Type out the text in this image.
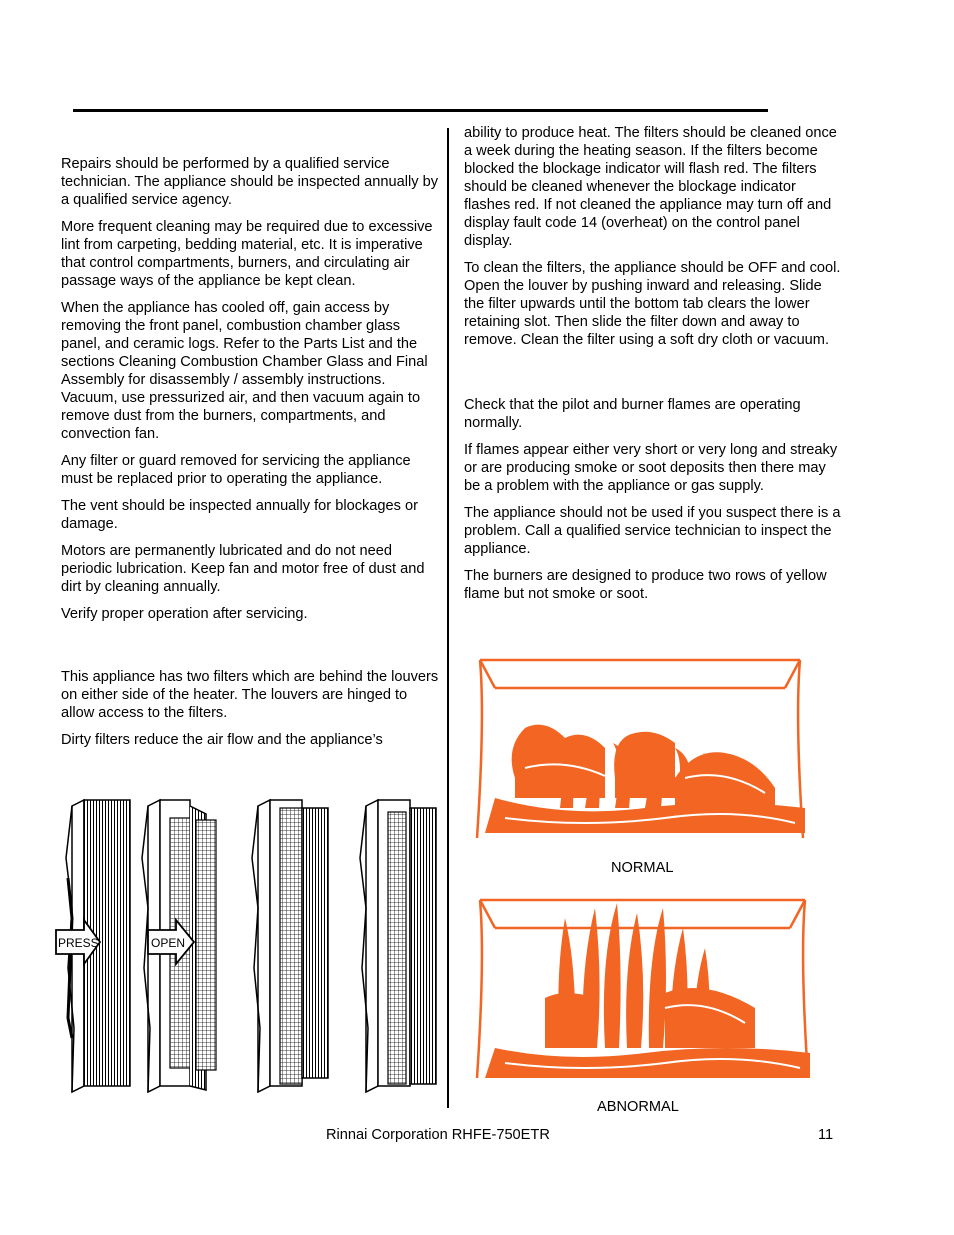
Repairs should be performed by a qualified service technician. The appliance should be inspected annually by a qualified service agency.

More frequent cleaning may be required due to excessive lint from carpeting, bedding material, etc. It is imperative that control compartments, burners, and circulating air passage ways of the appliance be kept clean.

When the appliance has cooled off, gain access by removing the front panel, combustion chamber glass panel, and ceramic logs. Refer to the Parts List and the sections Cleaning Combustion Chamber Glass and Final Assembly for disassembly / assembly instructions. Vacuum, use pressurized air, and then vacuum again to remove dust from the burners, compartments, and convection fan.

Any filter or guard removed for servicing the appliance must be replaced prior to operating the appliance.

The vent should be inspected annually for blockages or damage.

Motors are permanently lubricated and do not need periodic lubrication. Keep fan and motor free of dust and dirt by cleaning annually.

Verify proper operation after servicing.

This appliance has two filters which are behind the louvers on either side of the heater. The louvers are hinged to allow access to the filters.

Dirty filters reduce the air flow and the appliance’s

ability to produce heat. The filters should be cleaned once a week during the heating season. If the filters become blocked the blockage indicator will flash red. The filters should be cleaned whenever the blockage indicator flashes red. If not cleaned the appliance may turn off and display fault code 14 (overheat) on the control panel display.

To clean the filters, the appliance should be OFF and cool. Open the louver by pushing inward and releasing. Slide the filter upwards until the bottom tab clears the lower retaining slot. Then slide the filter down and away to remove. Clean the filter using a soft dry cloth or vacuum.

Check that the pilot and burner flames are operating normally.

If flames appear either very short or very long and streaky or are producing smoke or soot deposits then there may be a problem with the appliance or gas supply.

The appliance should not be used if you suspect there is a problem. Call a qualified service technician to inspect the appliance.

The burners are designed to produce two rows of yellow flame but not smoke or soot.

PRESS	OPEN
NORMAL
ABNORMAL
Rinnai Corporation RHFE-750ETR	11
